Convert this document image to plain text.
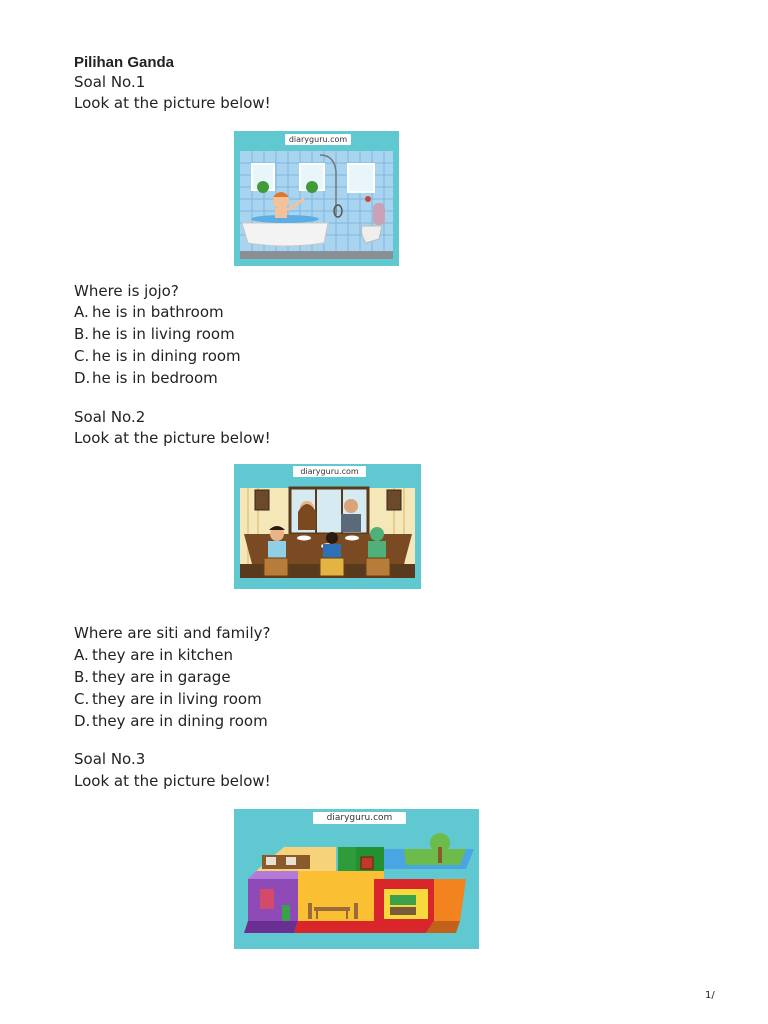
Pilihan Ganda
Soal No.1
Look at the picture below!
diaryguru.com
Where is jojo?
A. he is in bathroom
B. he is in living room
C. he is in dining room
D. he is in bedroom
Soal No.2
Look at the picture below!
diaryguru.com
Where are siti and family?
A. they are in kitchen
B. they are in garage
C. they are in living room
D. they are in dining room
Soal No.3
Look at the picture below!
diaryguru.com
1/
